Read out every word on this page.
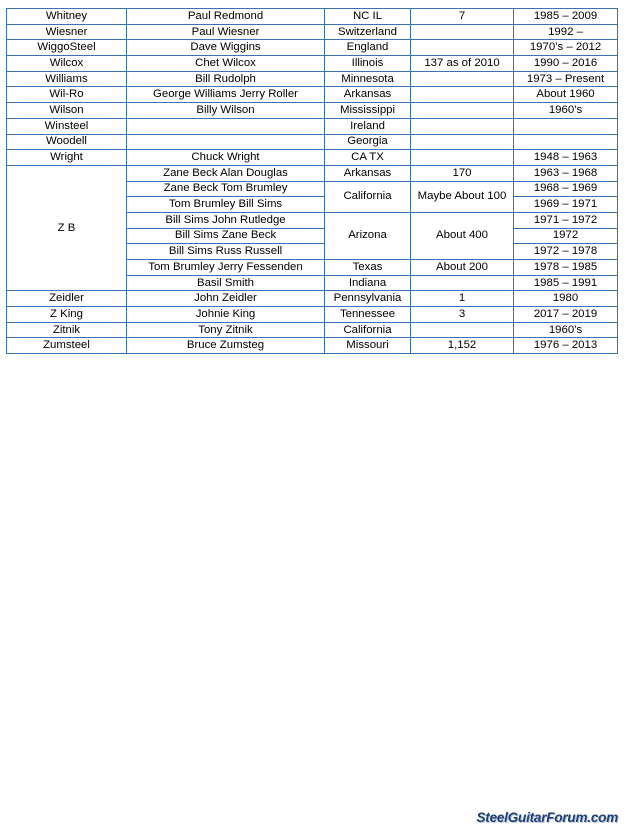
Whitney	Paul Redmond	NC IL	7	1985 – 2009
Wiesner	Paul Wiesner	Switzerland		1992 –
WiggoSteel	Dave Wiggins	England		1970’s – 2012
Wilcox	Chet Wilcox	Illinois	137 as of 2010	1990 – 2016
Williams	Bill Rudolph	Minnesota		1973 – Present
Wil-Ro	George Williams Jerry Roller	Arkansas		About 1960
Wilson	Billy Wilson	Mississippi		1960’s
Winsteel		Ireland		
Woodell		Georgia		
Wright	Chuck Wright	CA TX		1948 – 1963
Z B	Zane Beck Alan Douglas	Arkansas	170	1963 – 1968
	Zane Beck Tom Brumley	California	Maybe About 100	1968 – 1969
	Tom Brumley Bill Sims			1969 – 1971
	Bill Sims John Rutledge	Arizona	About 400	1971 – 1972
	Bill Sims Zane Beck			1972
	Bill Sims Russ Russell			1972 – 1978
	Tom Brumley Jerry Fessenden	Texas	About 200	1978 – 1985
	Basil Smith	Indiana		1985 – 1991
Zeidler	John Zeidler	Pennsylvania	1	1980
Z King	Johnie King	Tennessee	3	2017 – 2019
Zitnik	Tony Zitnik	California		1960’s
Zumsteel	Bruce Zumsteg	Missouri	1,152	1976 – 2013
SteelGuitarForum.com
